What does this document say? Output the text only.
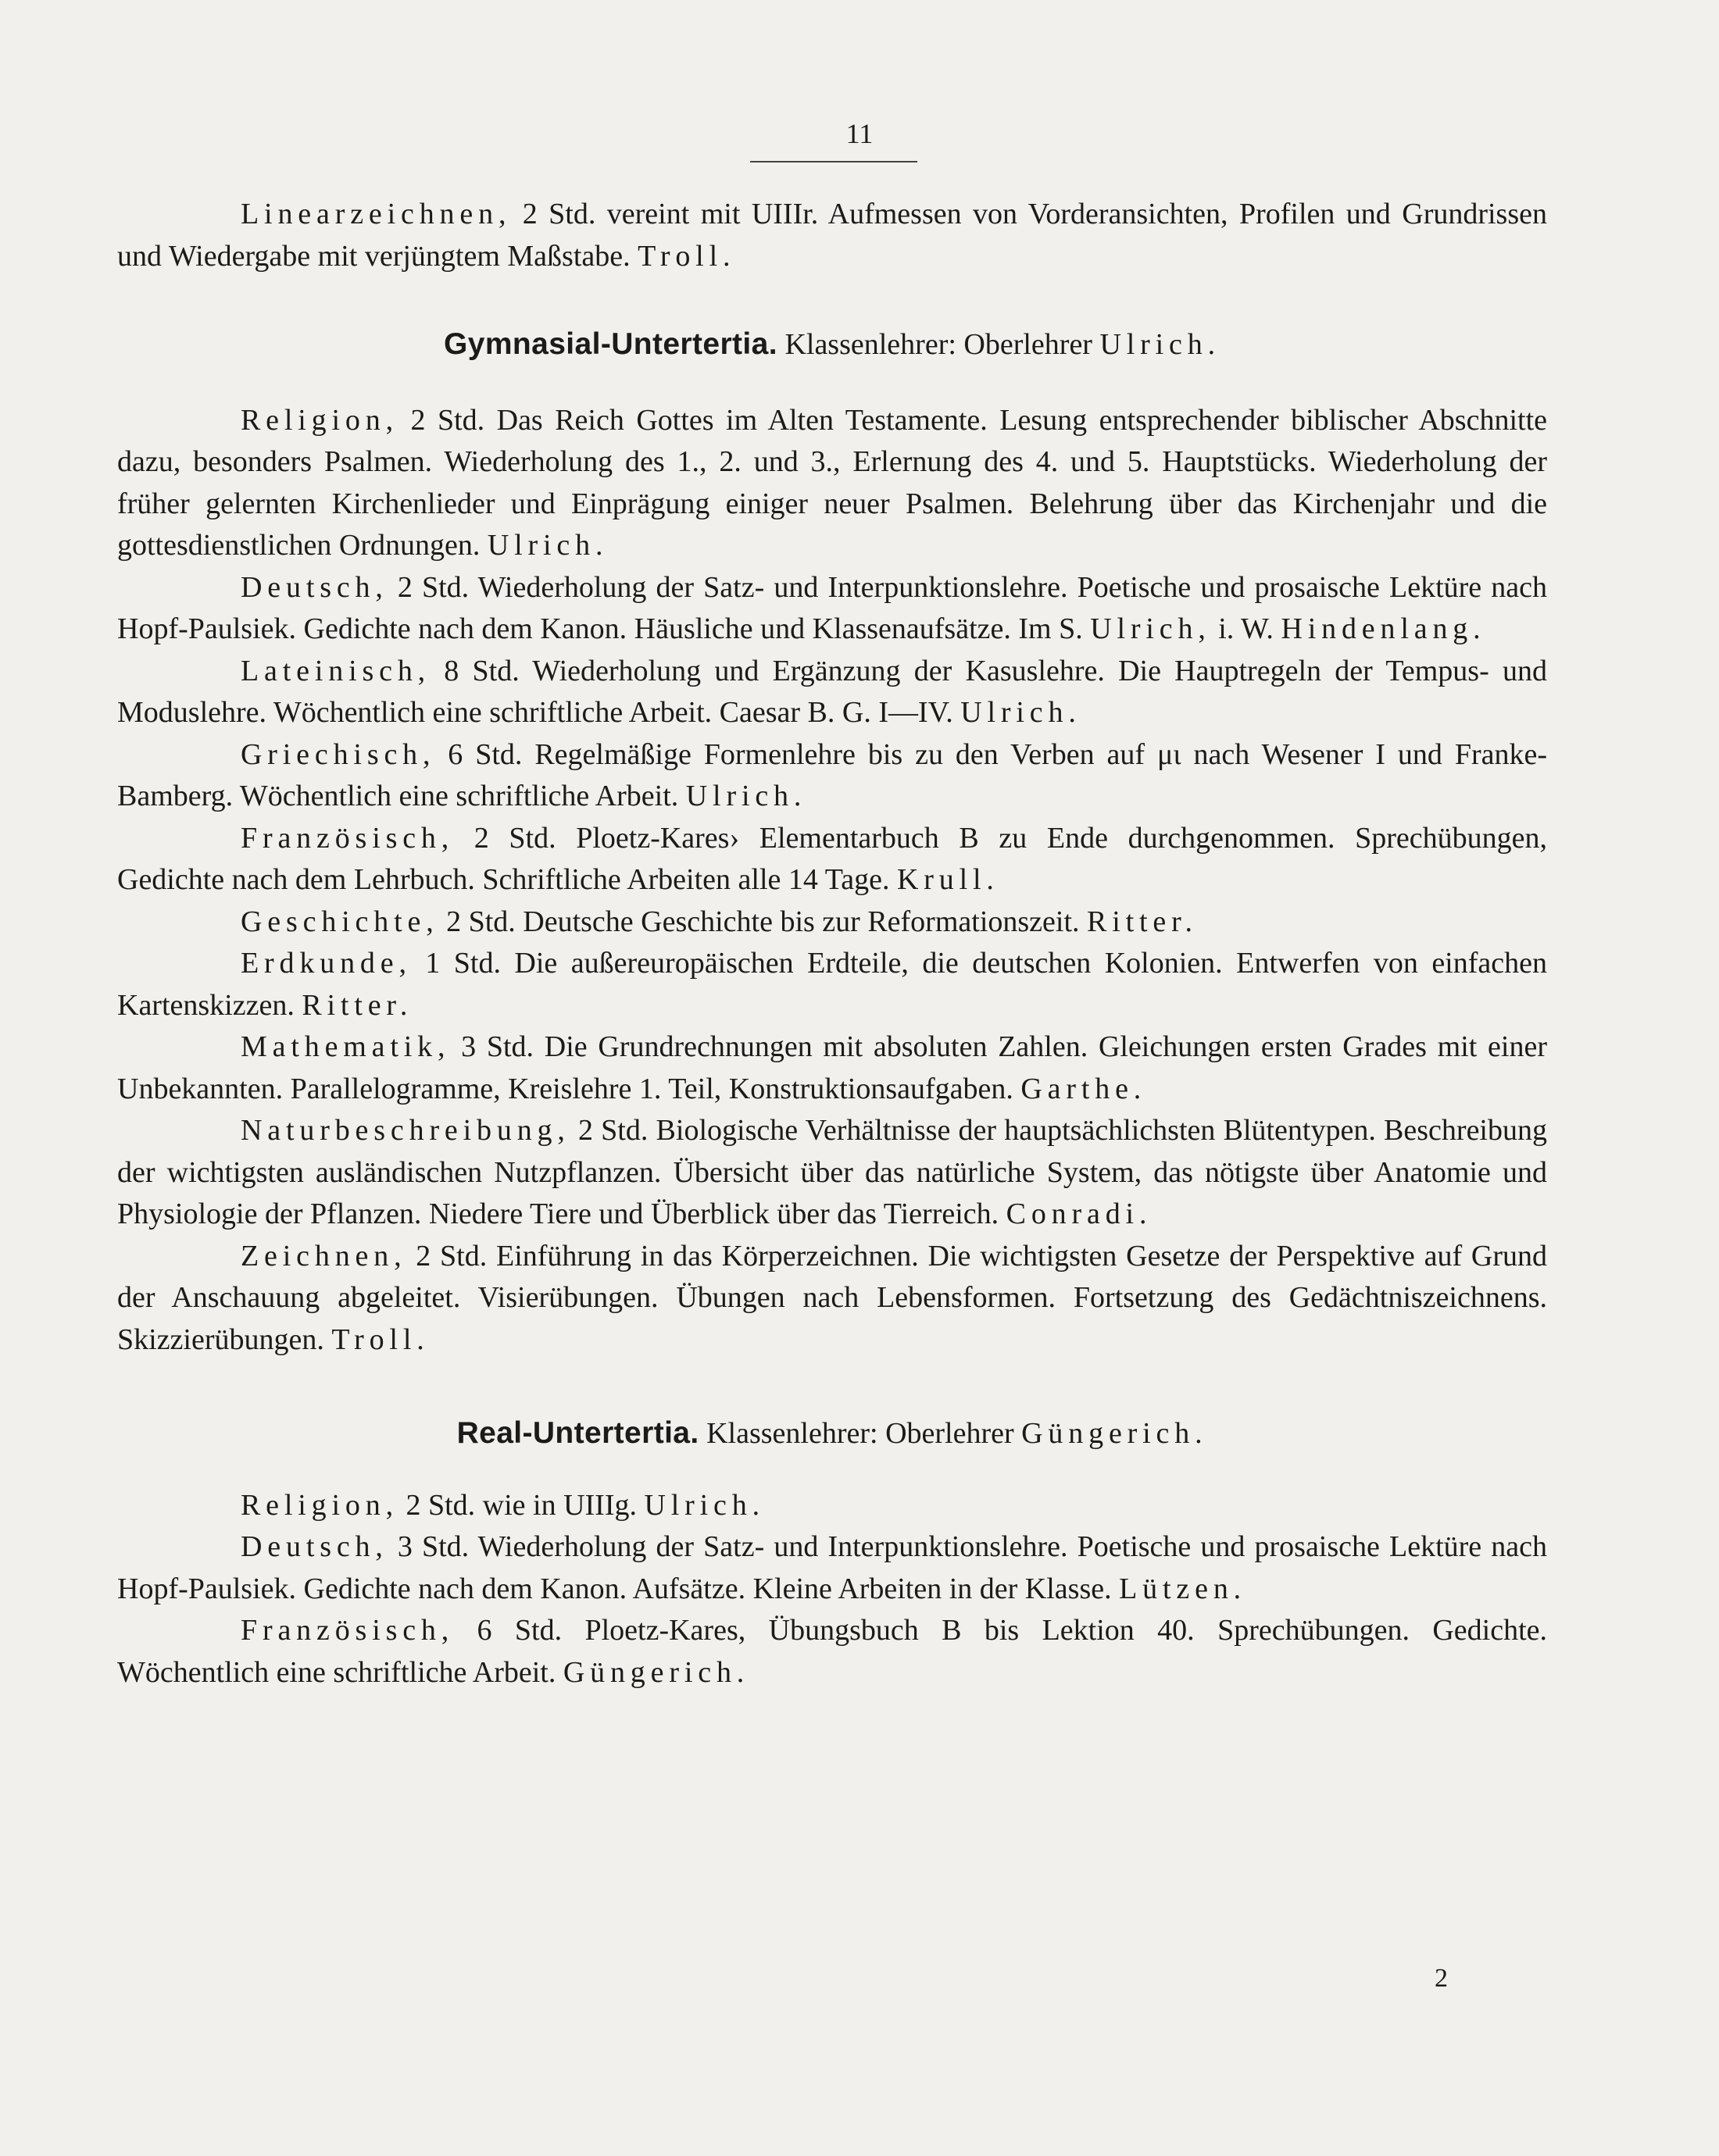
11

Linearzeichnen, 2 Std. vereint mit UIIIr. Aufmessen von Vorderansichten, Profilen und Grundrissen und Wiedergabe mit verjüngtem Maßstabe. Troll.

Gymnasial-Untertertia. Klassenlehrer: Oberlehrer Ulrich.

Religion, 2 Std. Das Reich Gottes im Alten Testamente. Lesung entsprechender biblischer Abschnitte dazu, besonders Psalmen. Wiederholung des 1., 2. und 3., Erlernung des 4. und 5. Hauptstücks. Wiederholung der früher gelernten Kirchenlieder und Einprägung einiger neuer Psalmen. Belehrung über das Kirchenjahr und die gottesdienstlichen Ordnungen. Ulrich.

Deutsch, 2 Std. Wiederholung der Satz- und Interpunktionslehre. Poetische und prosaische Lektüre nach Hopf-Paulsiek. Gedichte nach dem Kanon. Häusliche und Klassenaufsätze. Im S. Ulrich, i. W. Hindenlang.

Lateinisch, 8 Std. Wiederholung und Ergänzung der Kasuslehre. Die Hauptregeln der Tempus- und Moduslehre. Wöchentlich eine schriftliche Arbeit. Caesar B. G. I—IV. Ulrich.

Griechisch, 6 Std. Regelmäßige Formenlehre bis zu den Verben auf μι nach Wesener I und Franke-Bamberg. Wöchentlich eine schriftliche Arbeit. Ulrich.

Französisch, 2 Std. Ploetz-Kares› Elementarbuch B zu Ende durchgenommen. Sprechübungen, Gedichte nach dem Lehrbuch. Schriftliche Arbeiten alle 14 Tage. Krull.

Geschichte, 2 Std. Deutsche Geschichte bis zur Reformationszeit. Ritter.

Erdkunde, 1 Std. Die außereuropäischen Erdteile, die deutschen Kolonien. Entwerfen von einfachen Kartenskizzen. Ritter.

Mathematik, 3 Std. Die Grundrechnungen mit absoluten Zahlen. Gleichungen ersten Grades mit einer Unbekannten. Parallelogramme, Kreislehre 1. Teil, Konstruktionsaufgaben. Garthe.

Naturbeschreibung, 2 Std. Biologische Verhältnisse der hauptsächlichsten Blütentypen. Beschreibung der wichtigsten ausländischen Nutzpflanzen. Übersicht über das natürliche System, das nötigste über Anatomie und Physiologie der Pflanzen. Niedere Tiere und Überblick über das Tierreich. Conradi.

Zeichnen, 2 Std. Einführung in das Körperzeichnen. Die wichtigsten Gesetze der Perspektive auf Grund der Anschauung abgeleitet. Visierübungen. Übungen nach Lebensformen. Fortsetzung des Gedächtniszeichnens. Skizzierübungen. Troll.

Real-Untertertia. Klassenlehrer: Oberlehrer Güngerich.

Religion, 2 Std. wie in UIIIg. Ulrich.

Deutsch, 3 Std. Wiederholung der Satz- und Interpunktionslehre. Poetische und prosaische Lektüre nach Hopf-Paulsiek. Gedichte nach dem Kanon. Aufsätze. Kleine Arbeiten in der Klasse. Lützen.

Französisch, 6 Std. Ploetz-Kares, Übungsbuch B bis Lektion 40. Sprechübungen. Gedichte. Wöchentlich eine schriftliche Arbeit. Güngerich.

2
